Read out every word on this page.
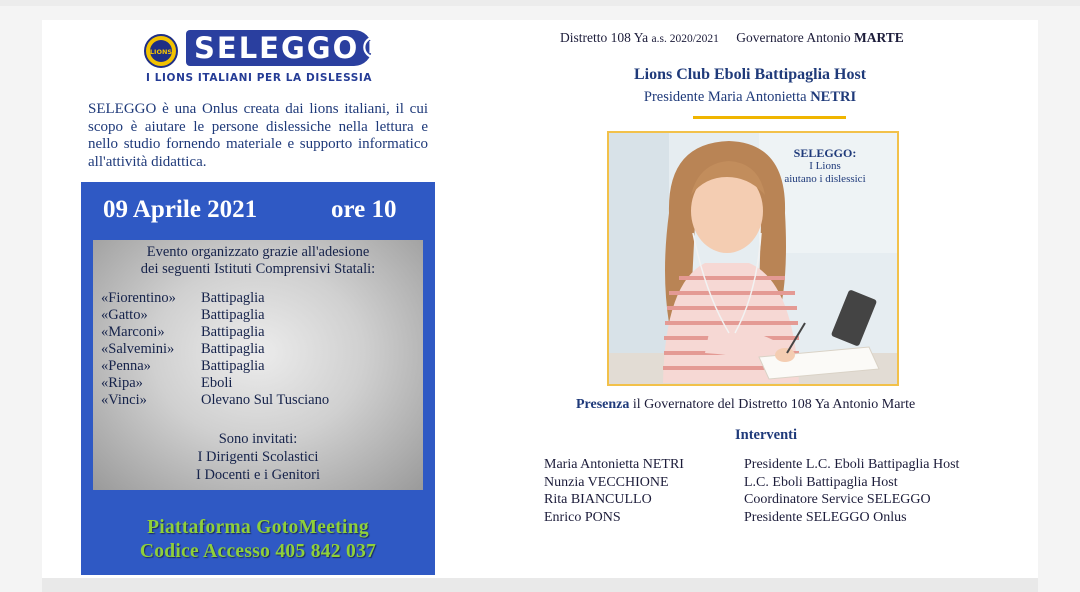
LIONS SELEGGO®
I LIONS ITALIANI PER LA DISLESSIA
SELEGGO è una Onlus creata dai lions italiani, il cui scopo è aiutare le persone dislessiche nella lettura e nello studio fornendo materiale e supporto informatico all'attività didattica.
09 Aprile 2021	ore 10
Evento organizzato grazie all'adesione
dei seguenti Istituti Comprensivi Statali:
«Fiorentino» Battipaglia
«Gatto»	Battipaglia
«Marconi»	Battipaglia
«Salvemini» Battipaglia
«Penna»	Battipaglia
«Ripa»	Eboli
«Vinci»	Olevano Sul Tusciano
Sono invitati:
I Dirigenti Scolastici
I Docenti e i Genitori
Piattaforma GotoMeeting
Codice Accesso 405 842 037
Distretto 108 Ya a.s. 2020/2021 Governatore Antonio MARTE
Lions Club Eboli Battipaglia Host
Presidente Maria Antonietta NETRI
SELEGGO:
I Lions
aiutano i dislessici
Presenza il Governatore del Distretto 108 Ya Antonio Marte
Interventi
Maria Antonietta NETRI	Presidente L.C. Eboli Battipaglia Host
Nunzia VECCHIONE	L.C. Eboli Battipaglia Host
Rita BIANCULLO	Coordinatore Service SELEGGO
Enrico PONS	Presidente SELEGGO Onlus
